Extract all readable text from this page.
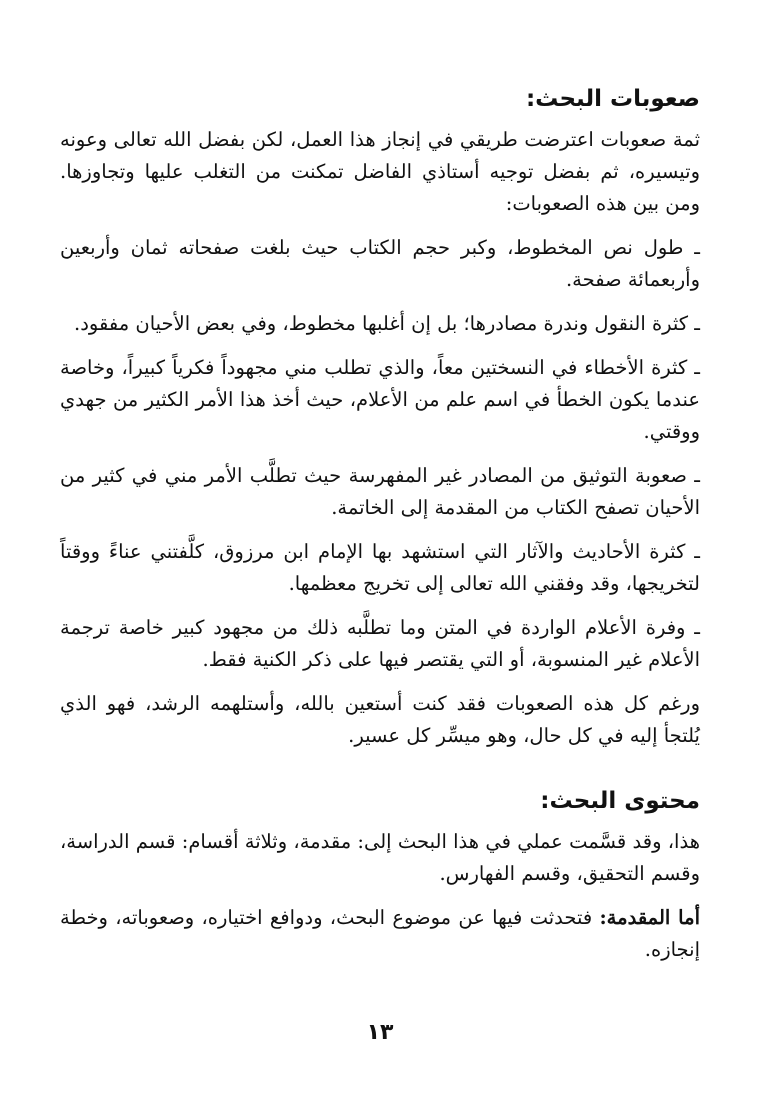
صعوبات البحث:

ثمة صعوبات اعترضت طريقي في إنجاز هذا العمل، لكن بفضل الله تعالى وعونه وتيسيره، ثم بفضل توجيه أستاذي الفاضل تمكنت من التغلب عليها وتجاوزها. ومن بين هذه الصعوبات:

ـ طول نص المخطوط، وكبر حجم الكتاب حيث بلغت صفحاته ثمان وأربعين وأربعمائة صفحة.

ـ كثرة النقول وندرة مصادرها؛ بل إن أغلبها مخطوط، وفي بعض الأحيان مفقود.

ـ كثرة الأخطاء في النسختين معاً، والذي تطلب مني مجهوداً فكرياً كبيراً، وخاصة عندما يكون الخطأ في اسم علم من الأعلام، حيث أخذ هذا الأمر الكثير من جهدي ووقتي.

ـ صعوبة التوثيق من المصادر غير المفهرسة حيث تطلَّب الأمر مني في كثير من الأحيان تصفح الكتاب من المقدمة إلى الخاتمة.

ـ كثرة الأحاديث والآثار التي استشهد بها الإمام ابن مرزوق، كلَّفتني عناءً ووقتاً لتخريجها، وقد وفقني الله تعالى إلى تخريج معظمها.

ـ وفرة الأعلام الواردة في المتن وما تطلَّبه ذلك من مجهود كبير خاصة ترجمة الأعلام غير المنسوبة، أو التي يقتصر فيها على ذكر الكنية فقط.

ورغم كل هذه الصعوبات فقد كنت أستعين بالله، وأستلهمه الرشد، فهو الذي يُلتجأ إليه في كل حال، وهو ميسِّر كل عسير.

محتوى البحث:

هذا، وقد قسَّمت عملي في هذا البحث إلى: مقدمة، وثلاثة أقسام: قسم الدراسة، وقسم التحقيق، وقسم الفهارس.

أما المقدمة: فتحدثت فيها عن موضوع البحث، ودوافع اختياره، وصعوباته، وخطة إنجازه.

١٣
